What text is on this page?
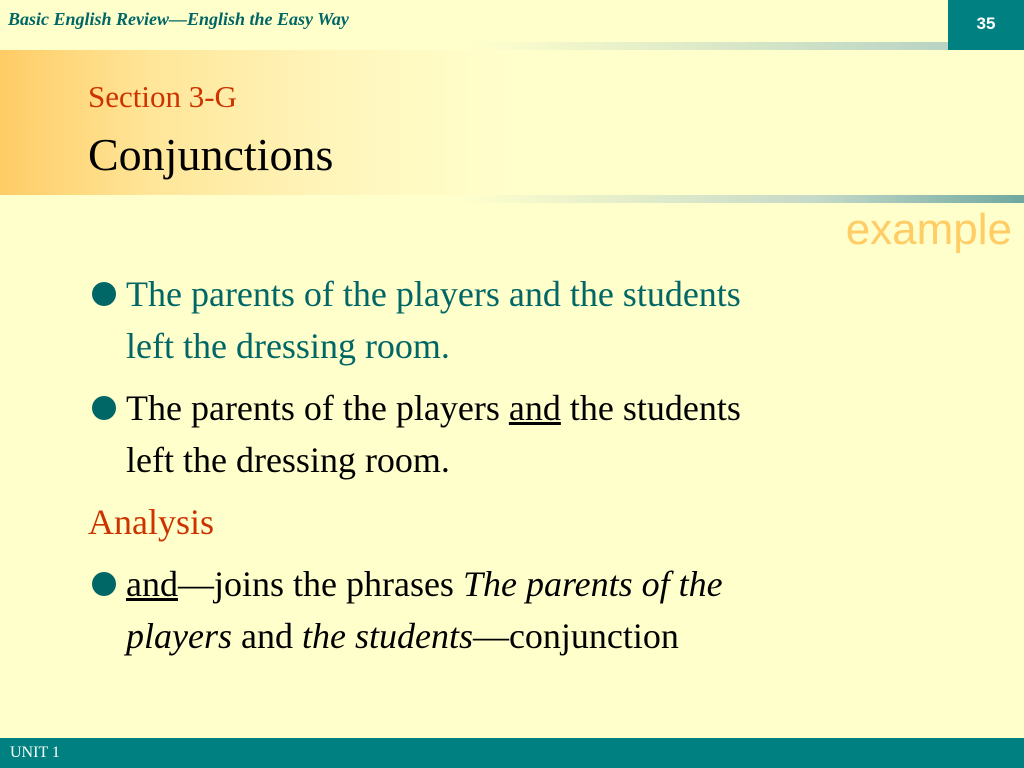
Basic English Review—English the Easy Way	35
Section 3-G
Conjunctions
example
The parents of the players and the students
left the dressing room.
The parents of the players and the students
left the dressing room.
Analysis
and—joins the phrases The parents of the
players and the students—conjunction
UNIT 1
